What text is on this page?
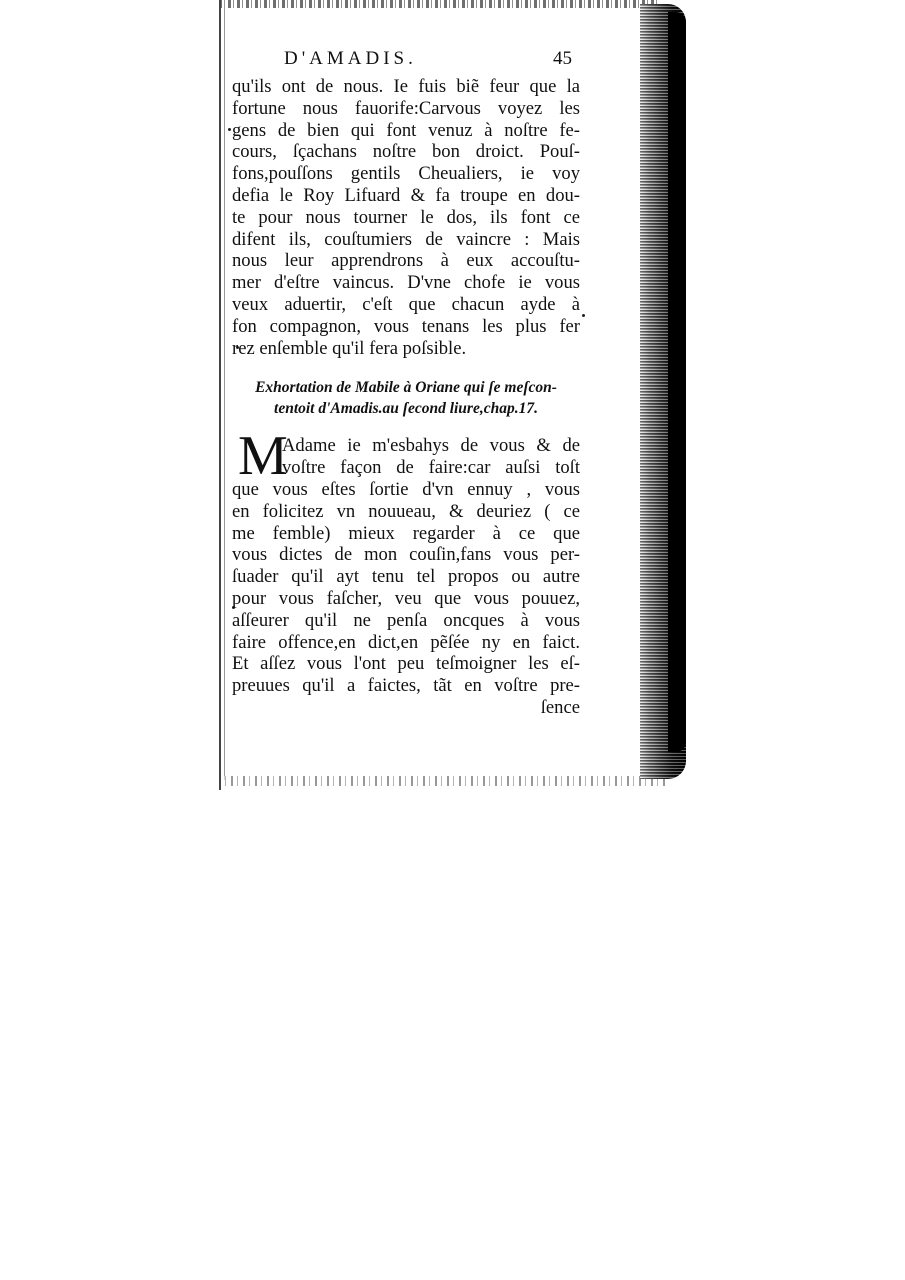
D'AMADIS.	45
qu'ils ont de nous. Ie fuis biẽ feur que la
fortune nous fauorife:Carvous voyez les
gens de bien qui font venuz à noſtre fe-
cours, ſçachans noſtre bon droict. Pouſ-
fons,pouſſons gentils Cheualiers, ie voy
defia le Roy Lifuard & fa troupe en dou-
te pour nous tourner le dos, ils font ce
difent ils, couſtumiers de vaincre : Mais
nous leur apprendrons à eux accouſtu-
mer d'eſtre vaincus. D'vne chofe ie vous
veux aduertir, c'eſt que chacun ayde à
fon compagnon, vous tenans les plus fer
rez enſemble qu'il fera poſsible.
Exhortation de Mabile à Oriane qui ſe meſcon-
tentoit d'Amadis.au ſecond liure,chap.17.
M
Adame ie m'esbahys de vous & de
voſtre façon de faire:car auſsi toſt
que vous eſtes ſortie d'vn ennuy , vous
en folicitez vn nouueau, & deuriez ( ce
me femble) mieux regarder à ce que
vous dictes de mon couſin,fans vous per-
ſuader qu'il ayt tenu tel propos ou autre
pour vous faſcher, veu que vous pouuez,
aſſeurer qu'il ne penſa oncques à vous
faire offence,en dict,en pẽſée ny en faict.
Et aſſez vous l'ont peu teſmoigner les eſ-
preuues qu'il a faictes, tãt en voſtre pre-
ſence
